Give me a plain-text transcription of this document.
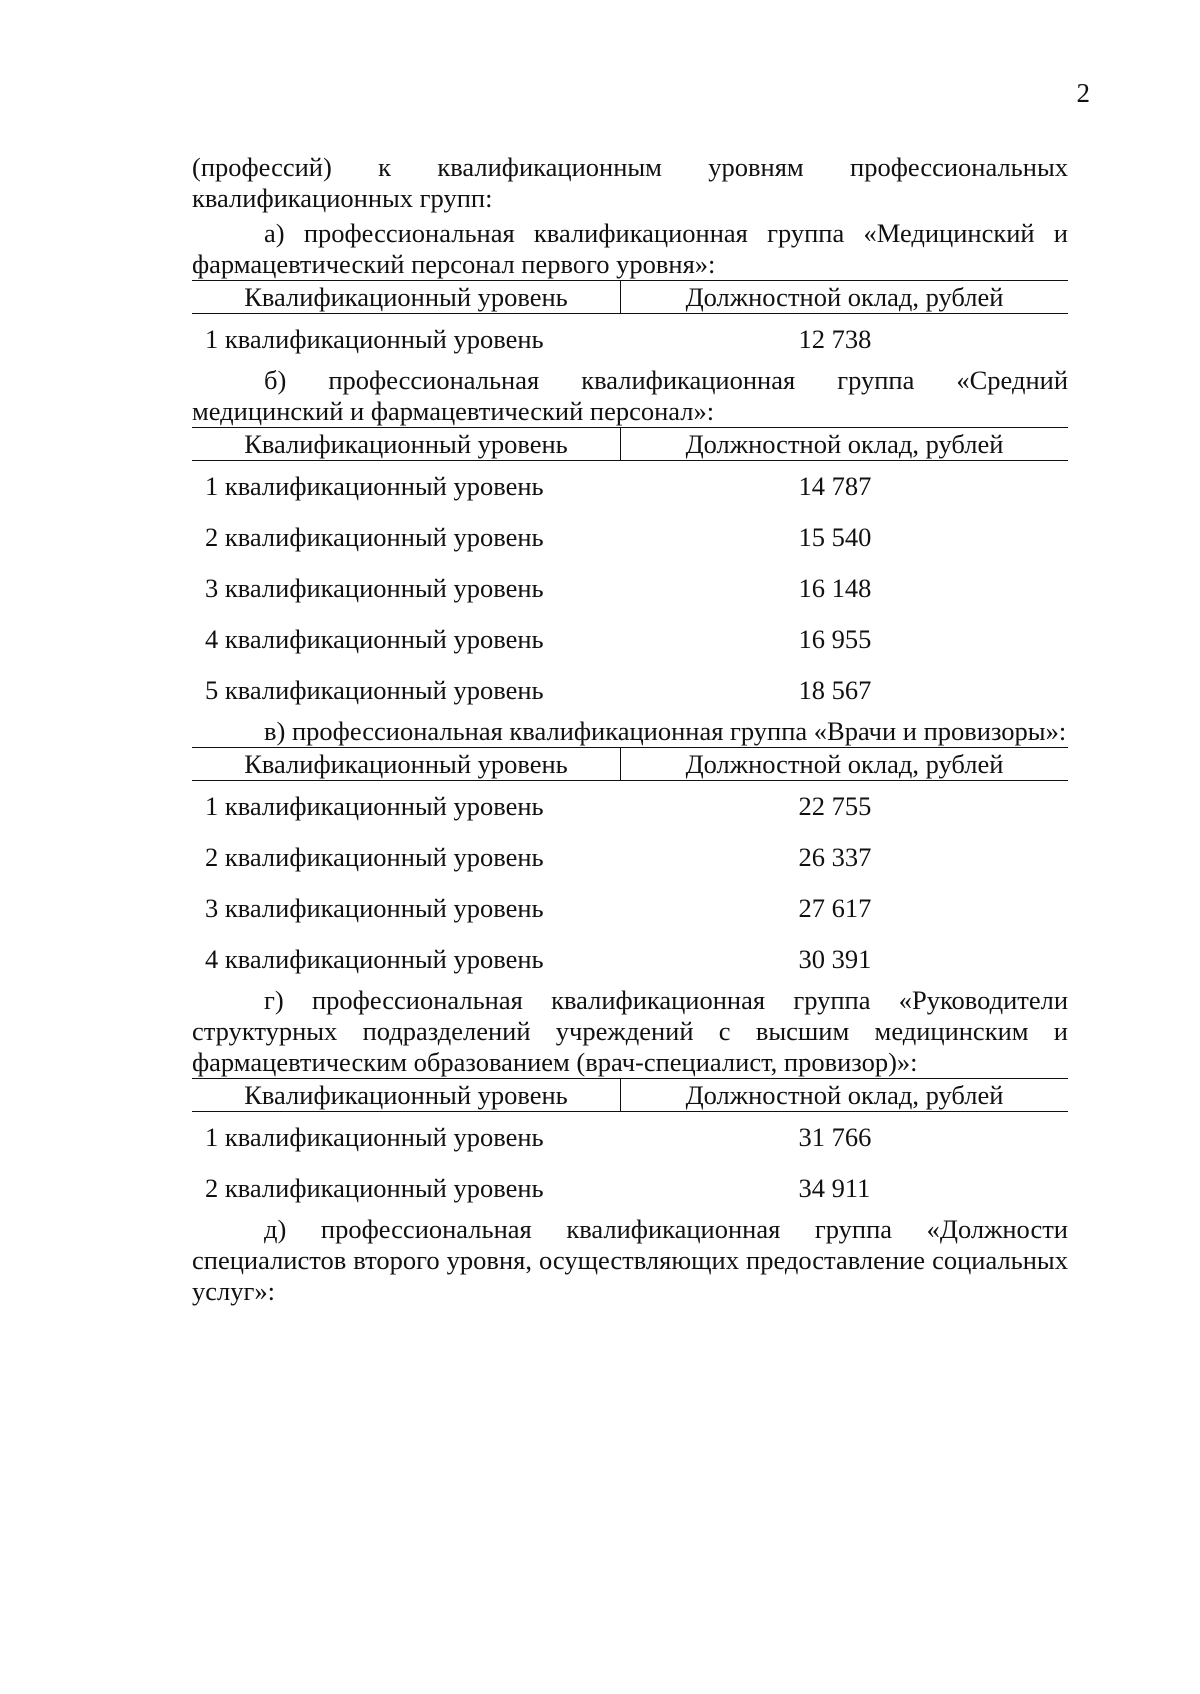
2

(профессий) к квалификационным уровням профессиональных квалификационных групп:

а) профессиональная квалификационная группа «Медицинский и фармацевтический персонал первого уровня»:

Квалификационный уровень	Должностной оклад, рублей
1 квалификационный уровень	12 738

б) профессиональная квалификационная группа «Средний медицинский и фармацевтический персонал»:

Квалификационный уровень	Должностной оклад, рублей
1 квалификационный уровень	14 787
2 квалификационный уровень	15 540
3 квалификационный уровень	16 148
4 квалификационный уровень	16 955
5 квалификационный уровень	18 567

в) профессиональная квалификационная группа «Врачи и провизоры»:

Квалификационный уровень	Должностной оклад, рублей
1 квалификационный уровень	22 755
2 квалификационный уровень	26 337
3 квалификационный уровень	27 617
4 квалификационный уровень	30 391

г) профессиональная квалификационная группа «Руководители структурных подразделений учреждений с высшим медицинским и фармацевтическим образованием (врач-специалист, провизор)»:

Квалификационный уровень	Должностной оклад, рублей
1 квалификационный уровень	31 766
2 квалификационный уровень	34 911

д) профессиональная квалификационная группа «Должности специалистов второго уровня, осуществляющих предоставление социальных услуг»:
